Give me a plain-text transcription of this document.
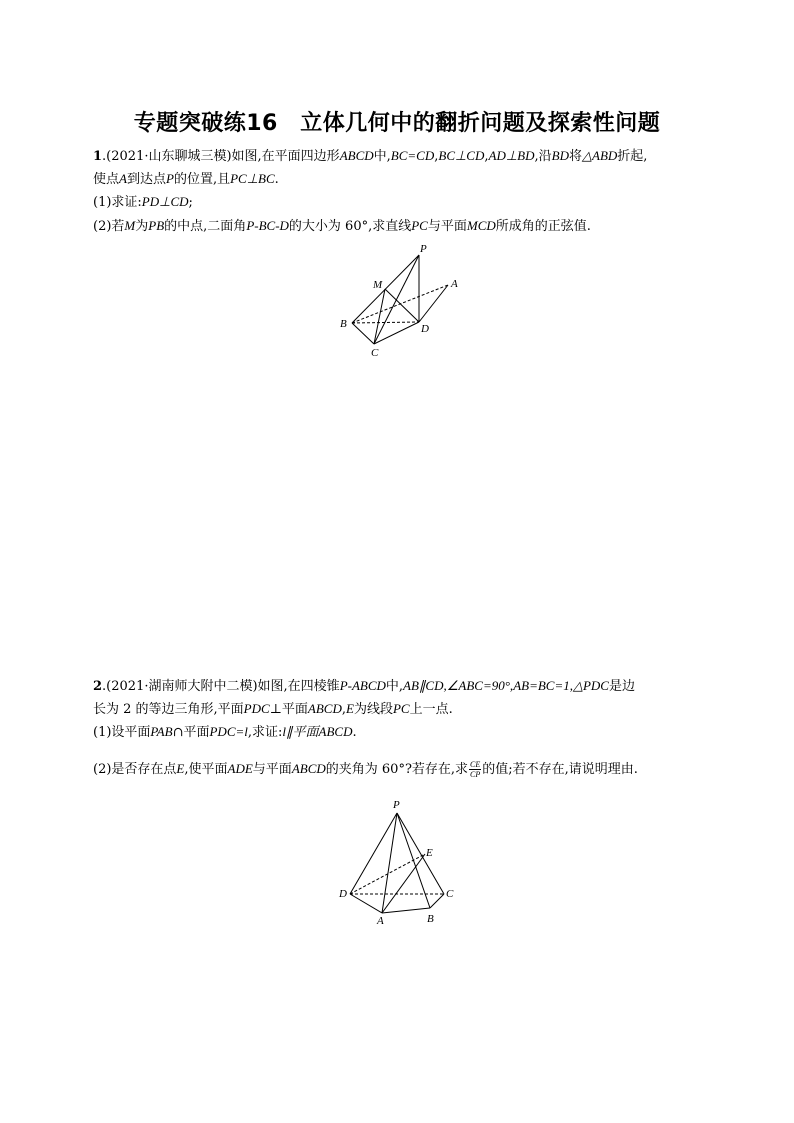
专题突破练16　立体几何中的翻折问题及探索性问题
1.(2021·山东聊城三模)如图,在平面四边形ABCD中,BC=CD,BC⊥CD,AD⊥BD,沿BD将△ABD折起,
使点A到达点P的位置,且PC⊥BC.
(1)求证:PD⊥CD;
(2)若M为PB的中点,二面角P-BC-D的大小为 60°,求直线PC与平面MCD所成角的正弦值.
P
M	A
B	D
C
2.(2021·湖南师大附中二模)如图,在四棱锥P-ABCD中,AB∥CD,∠ABC=90°,AB=BC=1,△PDC是边
长为 2 的等边三角形,平面PDC⊥平面ABCD,E为线段PC上一点.
(1)设平面PAB∩平面PDC=l,求证:l∥平面ABCD.
(2)是否存在点E,使平面ADE与平面ABCD的夹角为 60°?若存在,求 $\frac{CE}{CP}$ 的值;若不存在,请说明理由.
P
E
D	C
A	B
